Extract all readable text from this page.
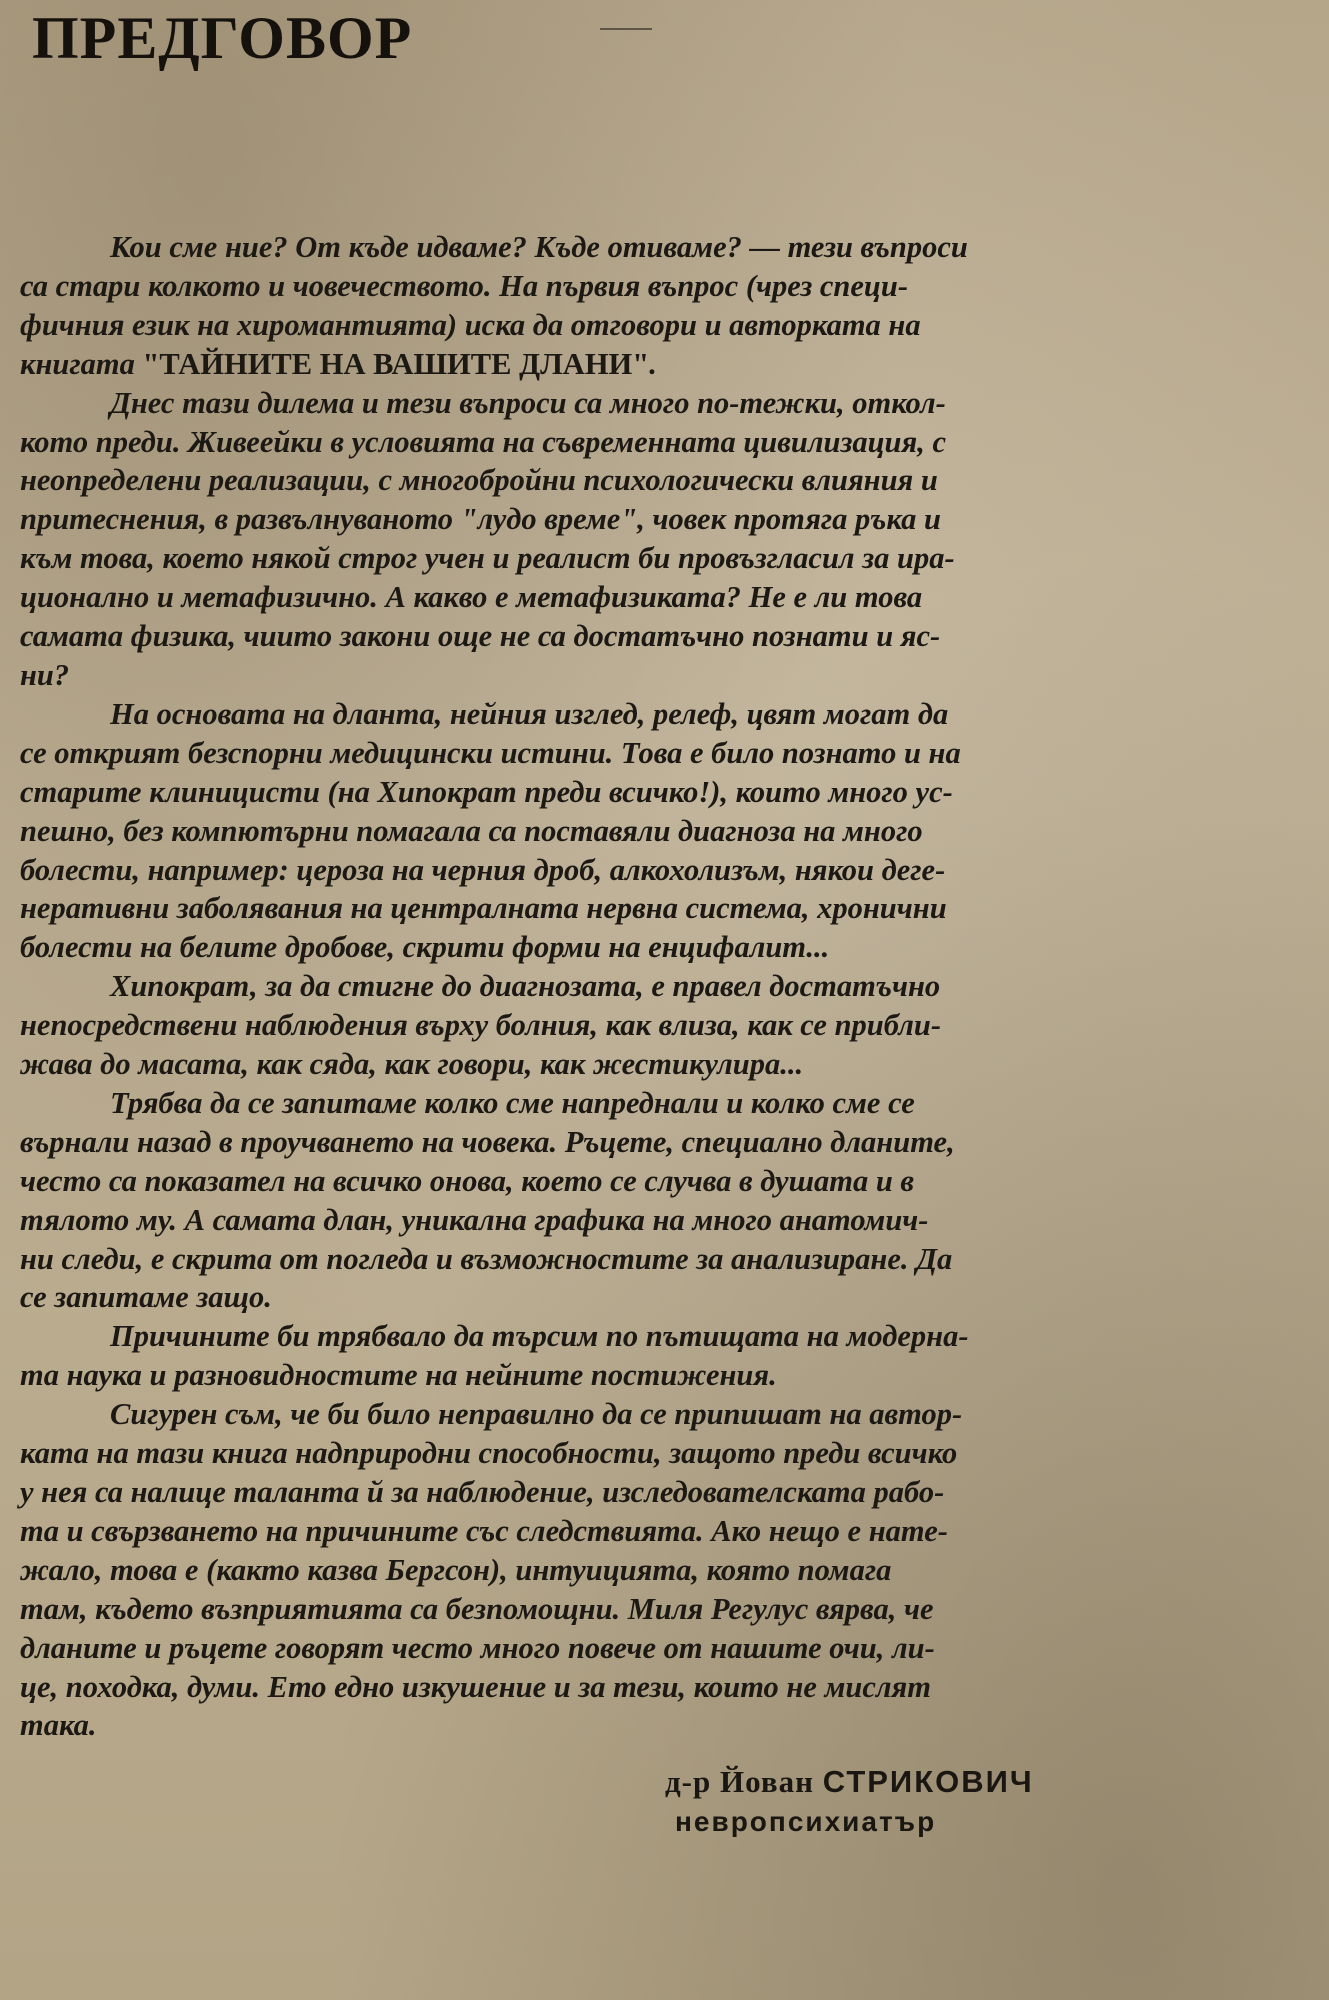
ПРЕДГОВОР
Кои сме ние? От къде идваме? Къде отиваме? — тези въпроси
са стари колкото и човечеството. На първия въпрос (чрез специ-
фичния език на хиромантията) иска да отговори и авторката на
книгата "ТАЙНИТЕ НА ВАШИТЕ ДЛАНИ".
Днес тази дилема и тези въпроси са много по-тежки, откол-
кото преди. Живеейки в условията на съвременната цивилизация, с
неопределени реализации, с многобройни психологически влияния и
притеснения, в развълнуваното "лудо време", човек протяга ръка и
към това, което някой строг учен и реалист би провъзгласил за ира-
ционално и метафизично. А какво е метафизиката? Не е ли това
самата физика, чиито закони още не са достатъчно познати и яс-
ни?
На основата на дланта, нейния изглед, релеф, цвят могат да
се открият безспорни медицински истини. Това е било познато и на
старите клиницисти (на Хипократ преди всичко!), които много ус-
пешно, без компютърни помагала са поставяли диагноза на много
болести, например: цероза на черния дроб, алкохолизъм, някои деге-
неративни заболявания на централната нервна система, хронични
болести на белите дробове, скрити форми на енцифалит...
Хипократ, за да стигне до диагнозата, е правел достатъчно
непосредствени наблюдения върху болния, как влиза, как се прибли-
жава до масата, как сяда, как говори, как жестикулира...
Трябва да се запитаме колко сме напреднали и колко сме се
върнали назад в проучването на човека. Ръцете, специално дланите,
често са показател на всичко онова, което се случва в душата и в
тялото му. А самата длан, уникална графика на много анатомич-
ни следи, е скрита от погледа и възможностите за анализиране. Да
се запитаме защо.
Причините би трябвало да търсим по пътищата на модерна-
та наука и разновидностите на нейните постижения.
Сигурен съм, че би било неправилно да се припишат на автор-
ката на тази книга надприродни способности, защото преди всичко
у нея са налице таланта й за наблюдение, изследователската рабо-
та и свързването на причините със следствията. Ако нещо е нате-
жало, това е (както казва Бергсон), интуицията, която помага
там, където възприятията са безпомощни. Миля Регулус вярва, че
дланите и ръцете говорят често много повече от нашите очи, ли-
це, походка, думи. Ето едно изкушение и за тези, които не мислят
така.
д-р Йован СТРИКОВИЧ
невропсихиатър
